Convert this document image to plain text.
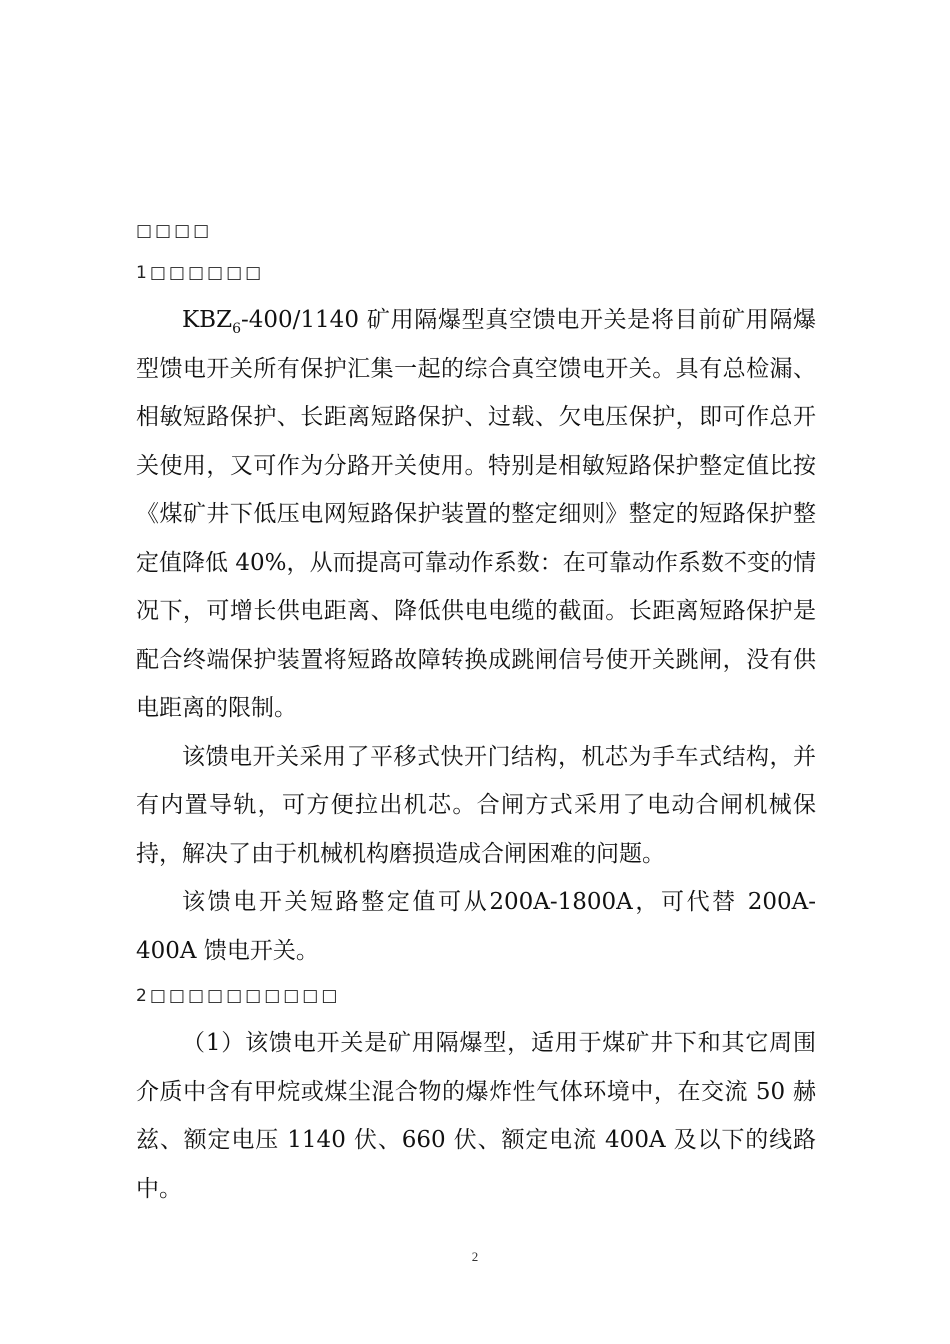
□□□□

1□□□□□□

$KBZ_6-400/1140$ 矿用隔爆型真空馈电开关是将目前矿用隔爆型馈电开关所有保护汇集一起的综合真空馈电开关。具有总检漏、相敏短路保护、长距离短路保护、过载、欠电压保护，即可作总开关使用，又可作为分路开关使用。特别是相敏短路保护整定值比按《煤矿井下低压电网短路保护装置的整定细则》整定的短路保护整定值降低 40%，从而提高可靠动作系数：在可靠动作系数不变的情况下，可增长供电距离、降低供电电缆的截面。长距离短路保护是配合终端保护装置将短路故障转换成跳闸信号使开关跳闸，没有供电距离的限制。

该馈电开关采用了平移式快开门结构，机芯为手车式结构，并有内置导轨，可方便拉出机芯。合闸方式采用了电动合闸机械保持，解决了由于机械机构磨损造成合闸困难的问题。

该馈电开关短路整定值可从200A-1800A，可代替 200A-400A 馈电开关。

2□□□□□□□□□□

（1）该馈电开关是矿用隔爆型，适用于煤矿井下和其它周围介质中含有甲烷或煤尘混合物的爆炸性气体环境中，在交流 50 赫兹、额定电压 1140 伏、660 伏、额定电流 400A 及以下的线路中。

2
